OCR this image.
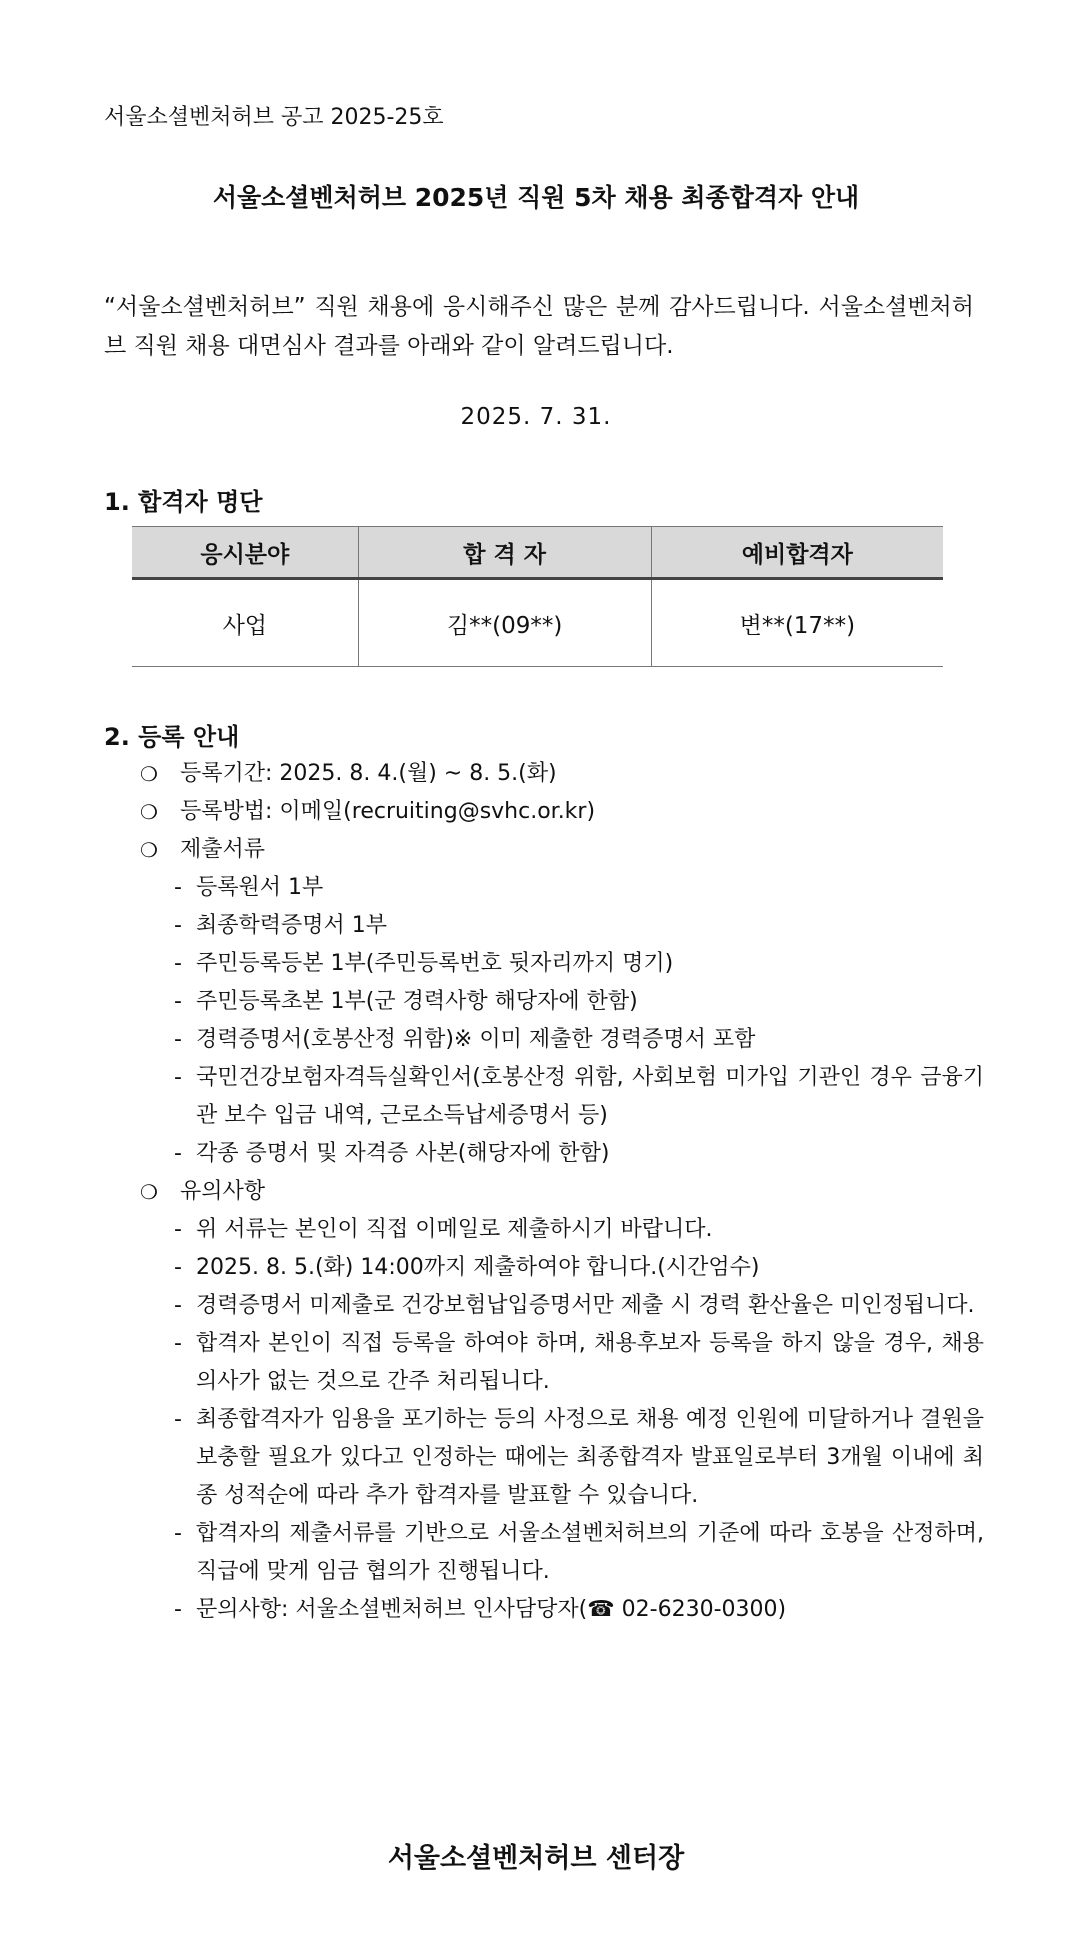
서울소셜벤처허브 공고 2025-25호
서울소셜벤처허브 2025년 직원 5차 채용 최종합격자 안내
“서울소셜벤처허브” 직원 채용에 응시해주신 많은 분께 감사드립니다. 서울소셜벤처허브 직원 채용 대면심사 결과를 아래와 같이 알려드립니다.
2025. 7. 31.
1. 합격자 명단
응시분야	합 격 자	예비합격자
사업	김**(09**)	변**(17**)
2. 등록 안내
❍	등록기간: 2025. 8. 4.(월) ~ 8. 5.(화)
❍	등록방법: 이메일(recruiting@svhc.or.kr)
❍	제출서류
- 등록원서 1부
- 최종학력증명서 1부
- 주민등록등본 1부(주민등록번호 뒷자리까지 명기)
- 주민등록초본 1부(군 경력사항 해당자에 한함)
- 경력증명서(호봉산정 위함)※ 이미 제출한 경력증명서 포함
- 국민건강보험자격득실확인서(호봉산정 위함, 사회보험 미가입 기관인 경우 금융기관 보수 입금 내역, 근로소득납세증명서 등)
- 각종 증명서 및 자격증 사본(해당자에 한함)
❍	유의사항
- 위 서류는 본인이 직접 이메일로 제출하시기 바랍니다.
- 2025. 8. 5.(화) 14:00까지 제출하여야 합니다.(시간엄수)
- 경력증명서 미제출로 건강보험납입증명서만 제출 시 경력 환산율은 미인정됩니다.
- 합격자 본인이 직접 등록을 하여야 하며, 채용후보자 등록을 하지 않을 경우, 채용의사가 없는 것으로 간주 처리됩니다.
- 최종합격자가 임용을 포기하는 등의 사정으로 채용 예정 인원에 미달하거나 결원을 보충할 필요가 있다고 인정하는 때에는 최종합격자 발표일로부터 3개월 이내에 최종 성적순에 따라 추가 합격자를 발표할 수 있습니다.
- 합격자의 제출서류를 기반으로 서울소셜벤처허브의 기준에 따라 호봉을 산정하며, 직급에 맞게 임금 협의가 진행됩니다.
- 문의사항: 서울소셜벤처허브 인사담당자(☎ 02-6230-0300)
서울소셜벤처허브 센터장
